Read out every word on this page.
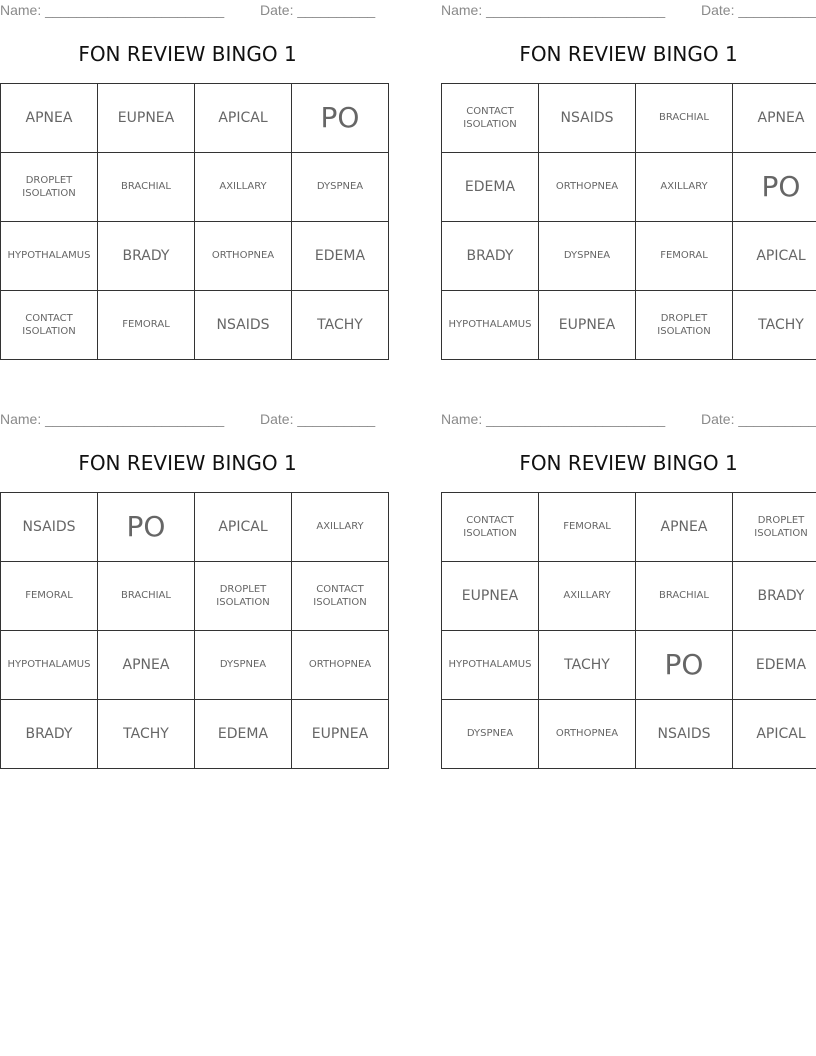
Name: _______________________	Date: __________
FON REVIEW BINGO 1
APNEA	EUPNEA	APICAL	PO
DROPLET ISOLATION	BRACHIAL	AXILLARY	DYSPNEA
HYPOTHALAMUS	BRADY	ORTHOPNEA	EDEMA
CONTACT ISOLATION	FEMORAL	NSAIDS	TACHY
Name: _______________________	Date: __________
FON REVIEW BINGO 1
CONTACT ISOLATION	NSAIDS	BRACHIAL	APNEA
EDEMA	ORTHOPNEA	AXILLARY	PO
BRADY	DYSPNEA	FEMORAL	APICAL
HYPOTHALAMUS	EUPNEA	DROPLET ISOLATION	TACHY
Name: _______________________	Date: __________
FON REVIEW BINGO 1
NSAIDS	PO	APICAL	AXILLARY
FEMORAL	BRACHIAL	DROPLET ISOLATION	CONTACT ISOLATION
HYPOTHALAMUS	APNEA	DYSPNEA	ORTHOPNEA
BRADY	TACHY	EDEMA	EUPNEA
Name: _______________________	Date: __________
FON REVIEW BINGO 1
CONTACT ISOLATION	FEMORAL	APNEA	DROPLET ISOLATION
EUPNEA	AXILLARY	BRACHIAL	BRADY
HYPOTHALAMUS	TACHY	PO	EDEMA
DYSPNEA	ORTHOPNEA	NSAIDS	APICAL
